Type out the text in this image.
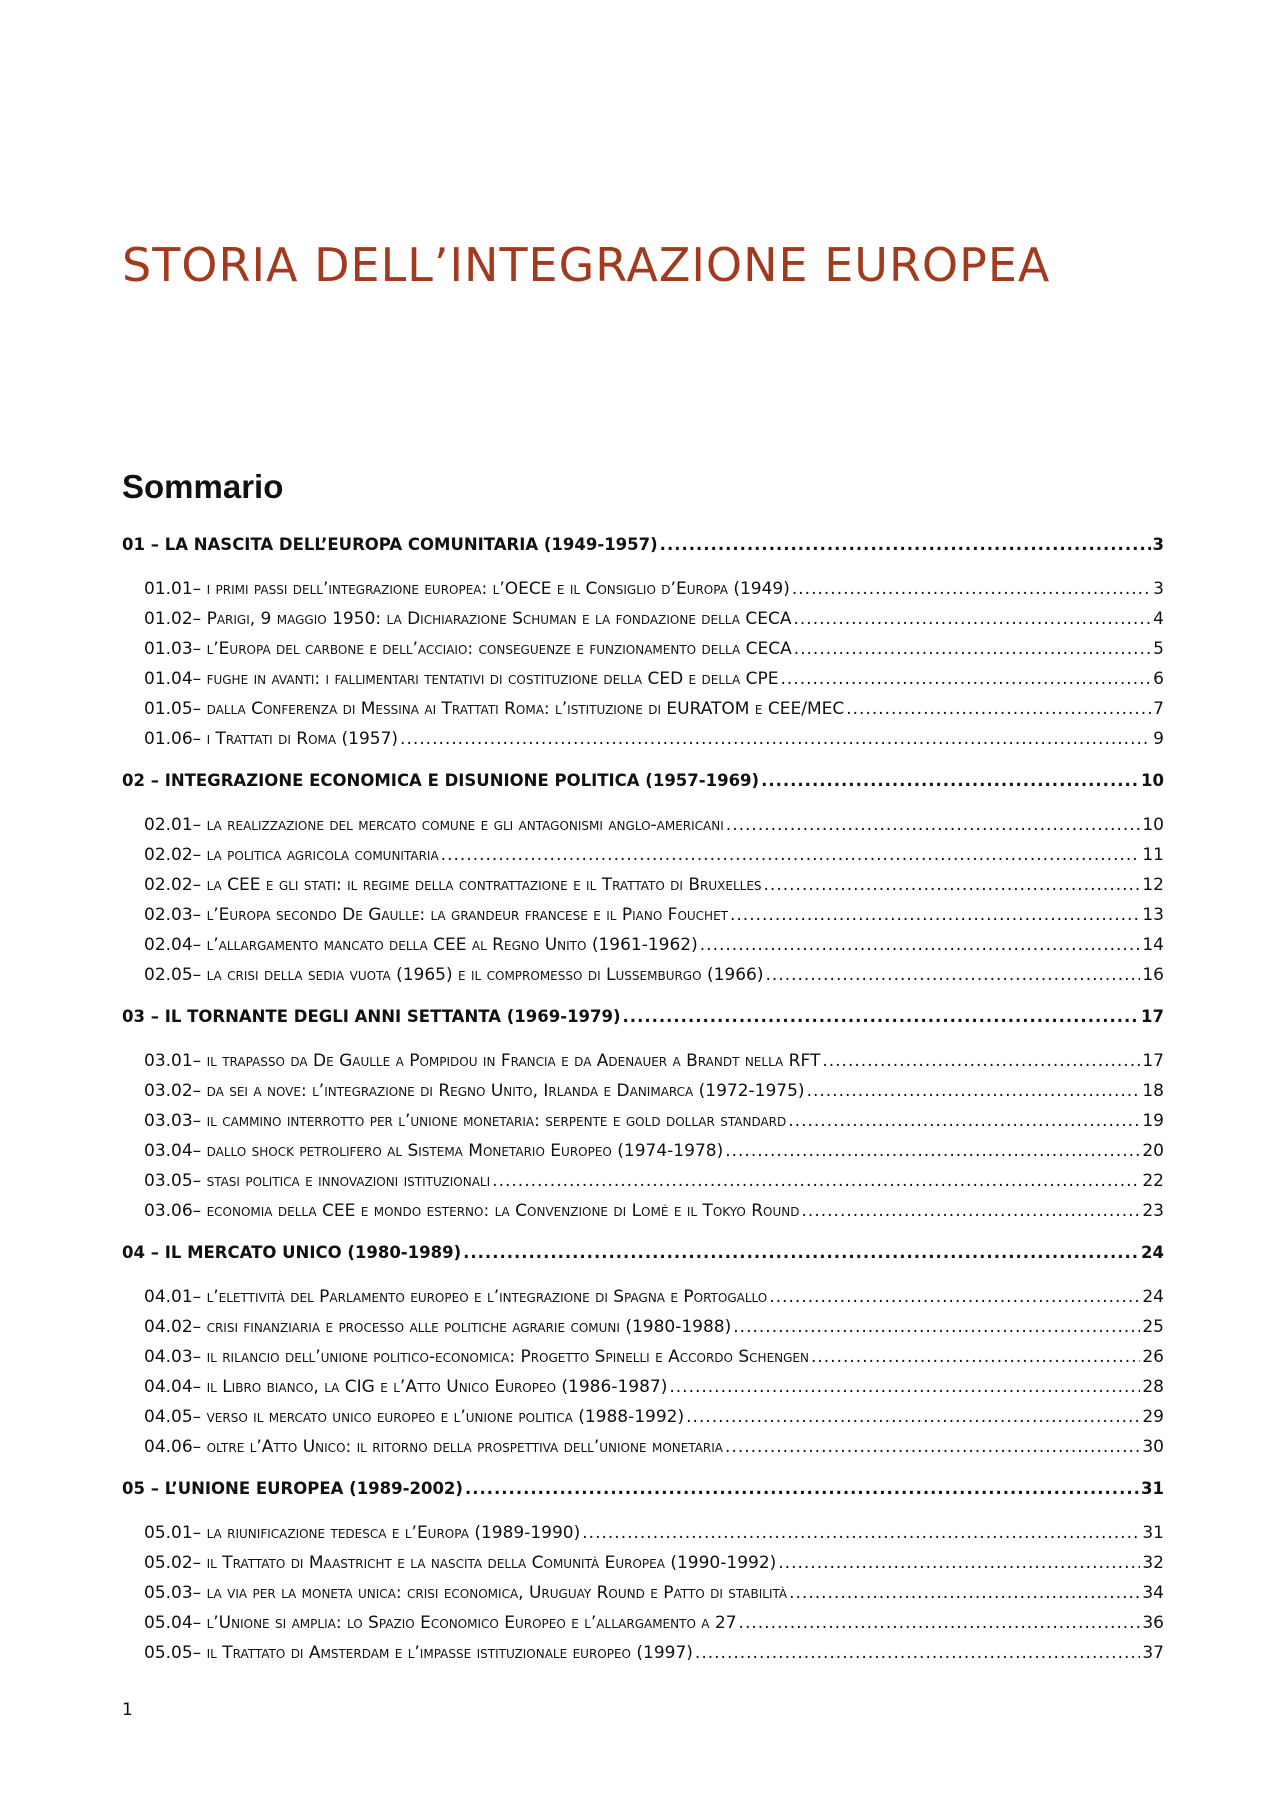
STORIA DELL’INTEGRAZIONE EUROPEA
Sommario
01 – LA NASCITA DELL’EUROPA COMUNITARIA (1949-1957) .....	3
01.01 – i primi passi dell’integrazione europea: l’OECE e il Consiglio d’Europa (1949) .....	3
01.02 – Parigi, 9 maggio 1950: la Dichiarazione Schuman e la fondazione della CECA .....	4
01.03 – l’Europa del carbone e dell’acciaio: conseguenze e funzionamento della CECA .....	5
01.04 – fughe in avanti: i fallimentari tentativi di costituzione della CED e della CPE .....	6
01.05 – dalla Conferenza di Messina ai Trattati Roma: l’istituzione di EURATOM e CEE/MEC .....	7
01.06 – i Trattati di Roma (1957) .....	9
02 – INTEGRAZIONE ECONOMICA E DISUNIONE POLITICA (1957-1969) .....	10
02.01 – la realizzazione del mercato comune e gli antagonismi anglo-americani .....	10
02.02 – la politica agricola comunitaria .....	11
02.02 – la CEE e gli stati: il regime della contrattazione e il Trattato di Bruxelles .....	12
02.03 – l’Europa secondo De Gaulle: la grandeur francese e il Piano Fouchet .....	13
02.04 – l’allargamento mancato della CEE al Regno Unito (1961-1962) .....	14
02.05 – la crisi della sedia vuota (1965) e il compromesso di Lussemburgo (1966) .....	16
03 – IL TORNANTE DEGLI ANNI SETTANTA (1969-1979) .....	17
03.01 – il trapasso da De Gaulle a Pompidou in Francia e da Adenauer a Brandt nella RFT .....	17
03.02 – da sei a nove: l’integrazione di Regno Unito, Irlanda e Danimarca (1972-1975) .....	18
03.03 – il cammino interrotto per l’unione monetaria: serpente e gold dollar standard .....	19
03.04 – dallo shock petrolifero al Sistema Monetario Europeo (1974-1978) .....	20
03.05 – stasi politica e innovazioni istituzionali .....	22
03.06 – economia della CEE e mondo esterno: la Convenzione di Lomé e il Tokyo Round .....	23
04 – IL MERCATO UNICO (1980-1989) .....	24
04.01 – l’elettività del Parlamento europeo e l’integrazione di Spagna e Portogallo .....	24
04.02 – crisi finanziaria e processo alle politiche agrarie comuni (1980-1988) .....	25
04.03 – il rilancio dell’unione politico-economica: Progetto Spinelli e Accordo Schengen .....	26
04.04 – il Libro bianco, la CIG e l’Atto Unico Europeo (1986-1987) .....	28
04.05 – verso il mercato unico europeo e l’unione politica (1988-1992) .....	29
04.06 – oltre l’Atto Unico: il ritorno della prospettiva dell’unione monetaria .....	30
05 – L’UNIONE EUROPEA (1989-2002) .....	31
05.01 – la riunificazione tedesca e l’Europa (1989-1990) .....	31
05.02 – il Trattato di Maastricht e la nascita della Comunità Europea (1990-1992) .....	32
05.03 – la via per la moneta unica: crisi economica, Uruguay Round e Patto di stabilità .....	34
05.04 – l’Unione si amplia: lo Spazio Economico Europeo e l’allargamento a 27 .....	36
05.05 – il Trattato di Amsterdam e l’impasse istituzionale europeo (1997) .....	37
1
